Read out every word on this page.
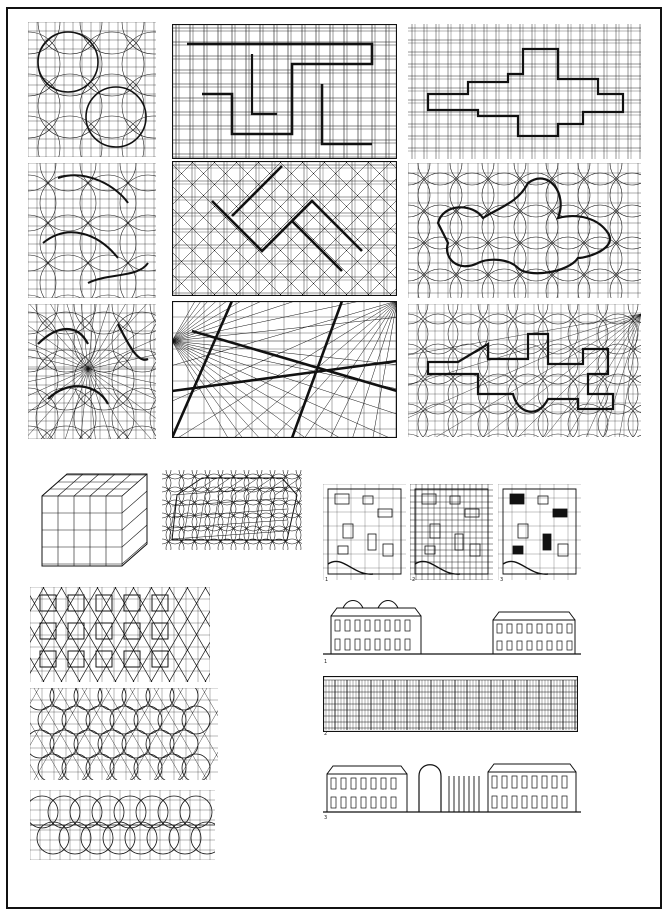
1	2	3
1
2
3
